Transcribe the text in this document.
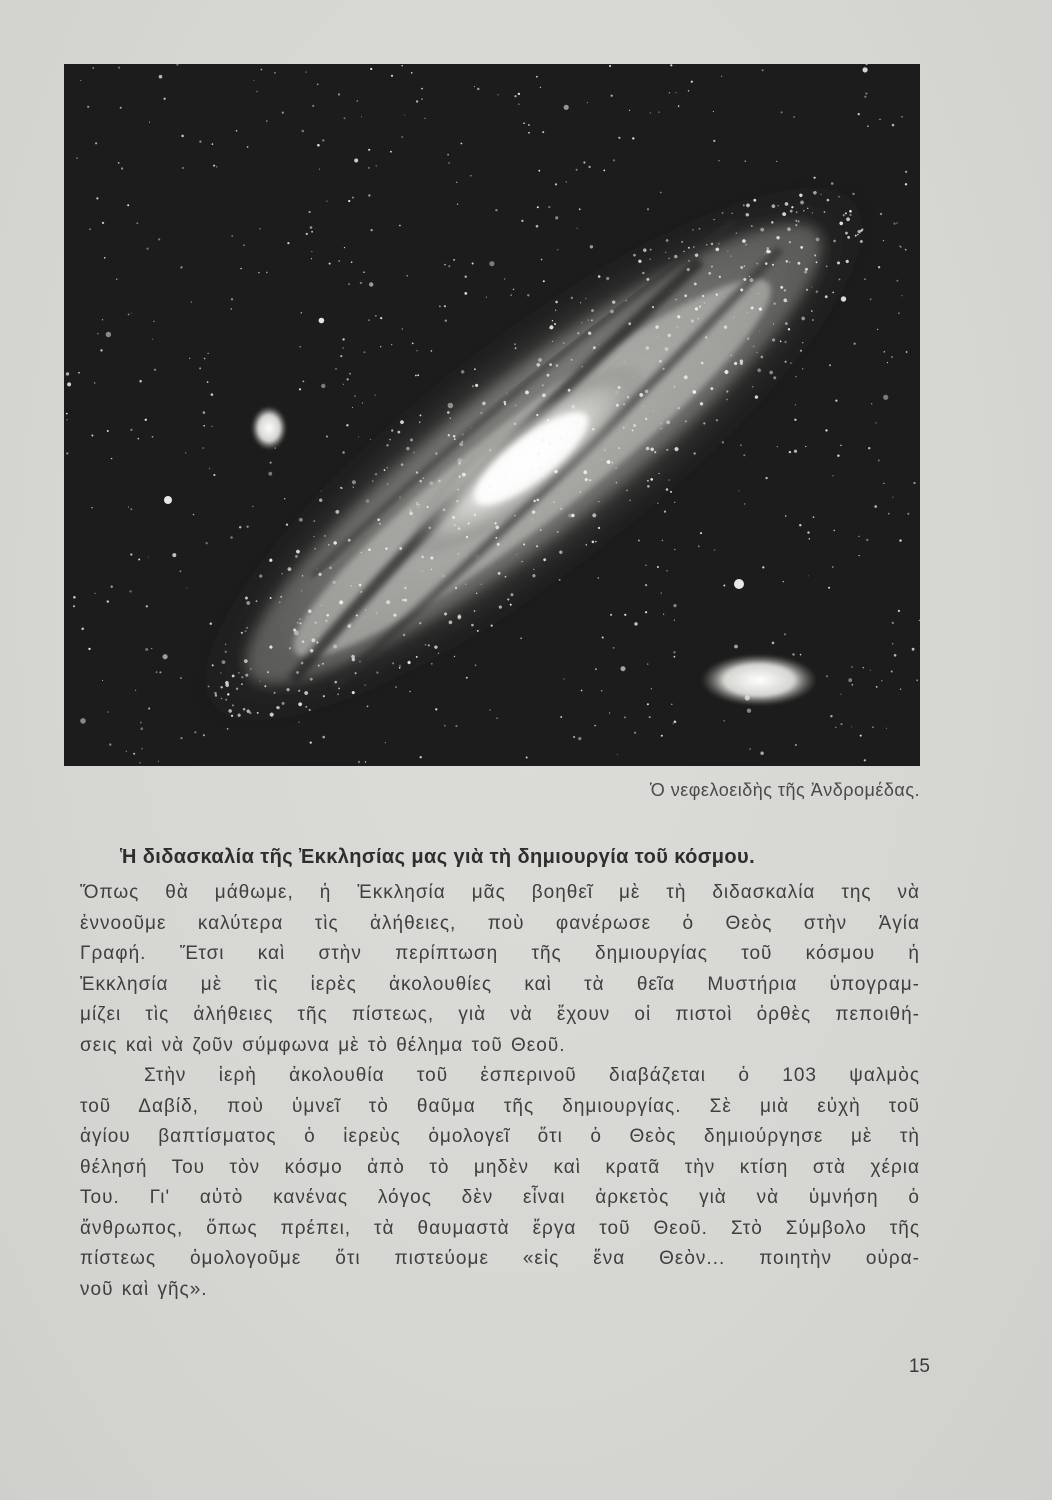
Ὁ νεφελοειδὴς τῆς Ἀνδρομέδας.
Ἡ διδασκαλία τῆς Ἐκκλησίας μας γιὰ τὴ δημιουργία τοῦ κόσμου.
Ὅπως θὰ μάθωμε, ἡ Ἐκκλησία μᾶς βοηθεῖ μὲ τὴ διδασκαλία της νὰ
ἐννοοῦμε καλύτερα τὶς ἀλήθειες, ποὺ φανέρωσε ὁ Θεὸς στὴν Ἁγία
Γραφή. Ἔτσι καὶ στὴν περίπτωση τῆς δημιουργίας τοῦ κόσμου ἡ
Ἐκκλησία μὲ τὶς ἱερὲς ἀκολουθίες καὶ τὰ θεῖα Μυστήρια ὑπογραμ-
μίζει τὶς ἀλήθειες τῆς πίστεως, γιὰ νὰ ἔχουν οἱ πιστοὶ ὀρθὲς πεποιθή-
σεις καὶ νὰ ζοῦν σύμφωνα μὲ τὸ θέλημα τοῦ Θεοῦ.
Στὴν ἱερὴ ἀκολουθία τοῦ ἑσπερινοῦ διαβάζεται ὁ 103 ψαλμὸς
τοῦ Δαβίδ, ποὺ ὑμνεῖ τὸ θαῦμα τῆς δημιουργίας. Σὲ μιὰ εὐχὴ τοῦ
ἁγίου βαπτίσματος ὁ ἱερεὺς ὁμολογεῖ ὅτι ὁ Θεὸς δημιούργησε μὲ τὴ
θέλησή Του τὸν κόσμο ἀπὸ τὸ μηδὲν καὶ κρατᾶ τὴν κτίση στὰ χέρια
Του. Γι' αὐτὸ κανένας λόγος δὲν εἶναι ἀρκετὸς γιὰ νὰ ὑμνήση ὁ
ἄνθρωπος, ὅπως πρέπει, τὰ θαυμαστὰ ἔργα τοῦ Θεοῦ. Στὸ Σύμβολο τῆς
πίστεως ὁμολογοῦμε ὅτι πιστεύομε «εἰς ἕνα Θεὸν... ποιητὴν οὐρα-
νοῦ καὶ γῆς».
15
